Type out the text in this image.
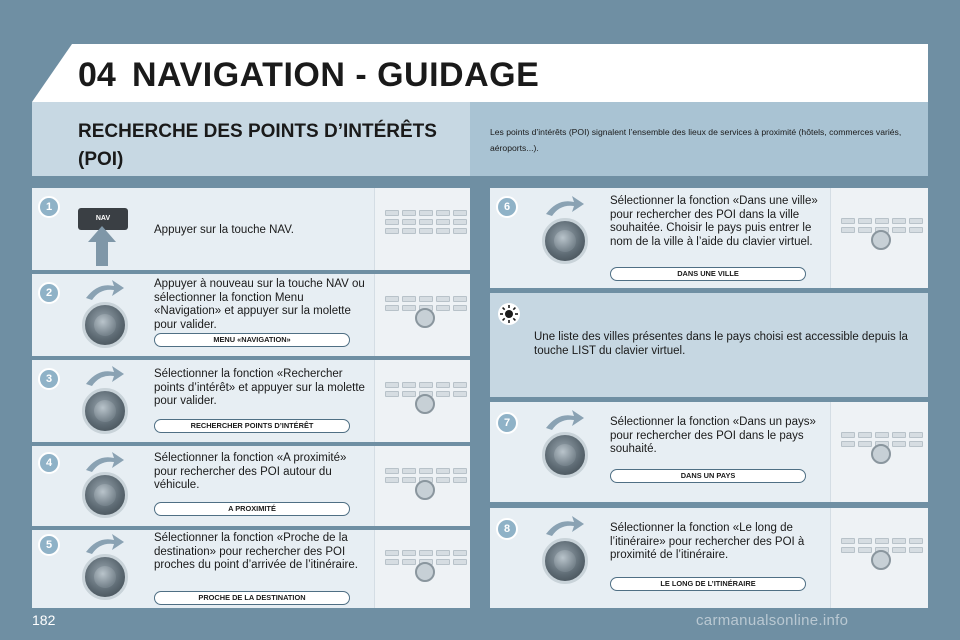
04 NAVIGATION - GUIDAGE
RECHERCHE DES POINTS D’INTÉRÊTS (POI)
Les points d’intérêts (POI) signalent l’ensemble des lieux de services à proximité (hôtels, commerces variés, aéroports...).
1
NAV
Appuyer sur la touche NAV.
2
Appuyer à nouveau sur la touche NAV ou sélectionner la fonction Menu «Navigation» et appuyer sur la molette pour valider.
MENU «NAVIGATION»
3	Sélectionner la fonction «Rechercher points d’intérêt» et appuyer sur la molette pour valider.
RECHERCHER POINTS D’INTÉRÊT
4	Sélectionner la fonction «A proximité» pour rechercher des POI autour du véhicule.
A PROXIMITÉ
5
Sélectionner la fonction «Proche de la destination» pour rechercher des POI proches du point d’arrivée de l’itinéraire.
PROCHE DE LA DESTINATION
6	Sélectionner la fonction «Dans une ville» pour rechercher des POI dans la ville souhaitée. Choisir le pays puis entrer le nom de la ville à l’aide du clavier virtuel.
DANS UNE VILLE
Une liste des villes présentes dans le pays choisi est accessible depuis la touche LIST du clavier virtuel.
7	Sélectionner la fonction «Dans un pays» pour rechercher des POI dans le pays souhaité.
DANS UN PAYS
8	Sélectionner la fonction «Le long de l’itinéraire» pour rechercher des POI à proximité de l’itinéraire.
LE LONG DE L’ITINÉRAIRE
182	carmanualsonline.info
